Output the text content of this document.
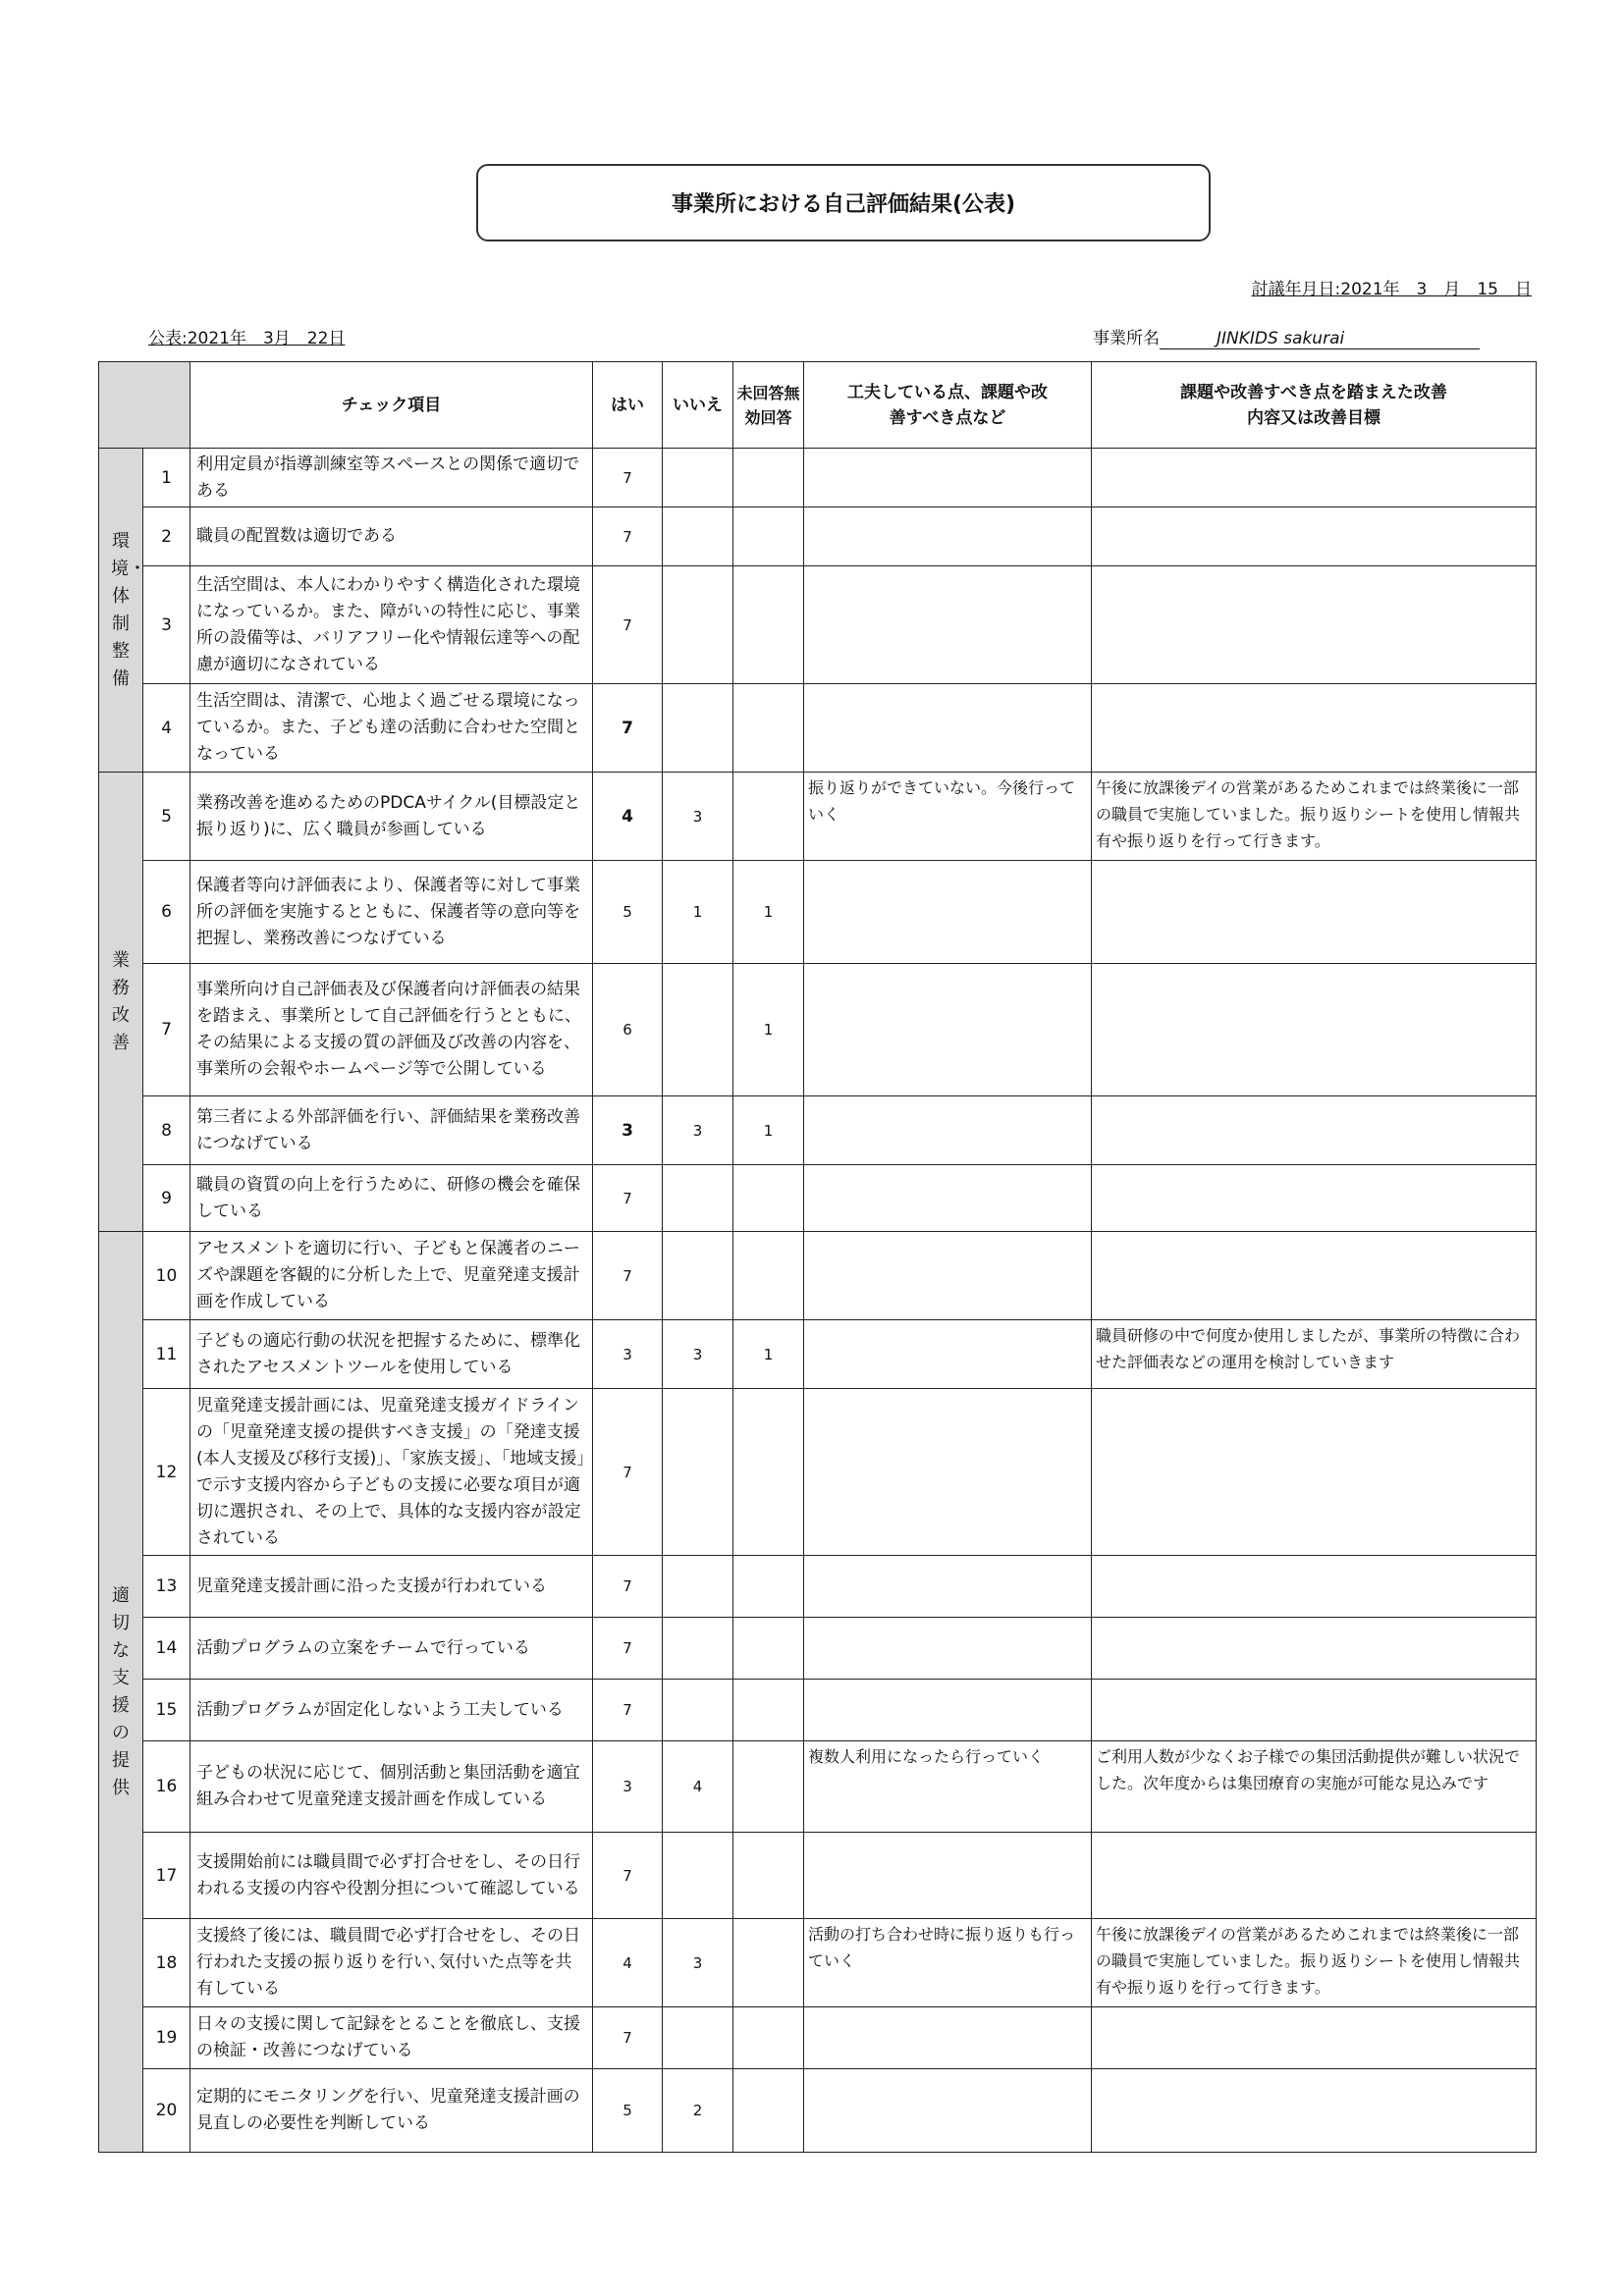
事業所における自己評価結果(公表)
討議年月日:2021年　3　月　15　日
公表:2021年　3月　22日	事業所名	JINKIDS sakurai
		チェック項目	はい	いいえ	未回答無効回答	工夫している点、課題や改善すべき点など	課題や改善すべき点を踏まえた改善内容又は改善目標
環境・体制整備	1	利用定員が指導訓練室等スペースとの関係で適切である	7				
	2	職員の配置数は適切である	7				
	3	生活空間は、本人にわかりやすく構造化された環境になっているか。また、障がいの特性に応じ、事業所の設備等は、バリアフリー化や情報伝達等への配慮が適切になされている	7				
	4	生活空間は、清潔で、心地よく過ごせる環境になっているか。また、子ども達の活動に合わせた空間となっている	7				
業務改善	5	業務改善を進めるためのPDCAサイクル(目標設定と振り返り)に、広く職員が参画している	4	3		振り返りができていない。今後行っていく	午後に放課後デイの営業があるためこれまでは終業後に一部の職員で実施していました。振り返りシートを使用し情報共有や振り返りを行って行きます。
	6	保護者等向け評価表により、保護者等に対して事業所の評価を実施するとともに、保護者等の意向等を把握し、業務改善につなげている	5	1	1		
	7	事業所向け自己評価表及び保護者向け評価表の結果を踏まえ、事業所として自己評価を行うとともに、その結果による支援の質の評価及び改善の内容を、事業所の会報やホームページ等で公開している	6		1		
	8	第三者による外部評価を行い、評価結果を業務改善につなげている	3	3	1		
	9	職員の資質の向上を行うために、研修の機会を確保している	7				
適切な支援の提供	10	アセスメントを適切に行い、子どもと保護者のニーズや課題を客観的に分析した上で、児童発達支援計画を作成している	7				
	11	子どもの適応行動の状況を把握するために、標準化されたアセスメントツールを使用している	3	3	1		職員研修の中で何度か使用しましたが、事業所の特徴に合わせた評価表などの運用を検討していきます
	12	児童発達支援計画には、児童発達支援ガイドラインの「児童発達支援の提供すべき支援」の「発達支援(本人支援及び移行支援)」、「家族支援」、「地域支援」で示す支援内容から子どもの支援に必要な項目が適切に選択され、その上で、具体的な支援内容が設定されている	7				
	13	児童発達支援計画に沿った支援が行われている	7				
	14	活動プログラムの立案をチームで行っている	7				
	15	活動プログラムが固定化しないよう工夫している	7				
	16	子どもの状況に応じて、個別活動と集団活動を適宜組み合わせて児童発達支援計画を作成している	3	4		複数人利用になったら行っていく	ご利用人数が少なくお子様での集団活動提供が難しい状況でした。次年度からは集団療育の実施が可能な見込みです
	17	支援開始前には職員間で必ず打合せをし、その日行われる支援の内容や役割分担について確認している	7				
	18	支援終了後には、職員間で必ず打合せをし、その日行われた支援の振り返りを行い､気付いた点等を共有している	4	3		活動の打ち合わせ時に振り返りも行っていく	午後に放課後デイの営業があるためこれまでは終業後に一部の職員で実施していました。振り返りシートを使用し情報共有や振り返りを行って行きます。
	19	日々の支援に関して記録をとることを徹底し、支援の検証・改善につなげている	7				
	20	定期的にモニタリングを行い、児童発達支援計画の見直しの必要性を判断している	5	2			
